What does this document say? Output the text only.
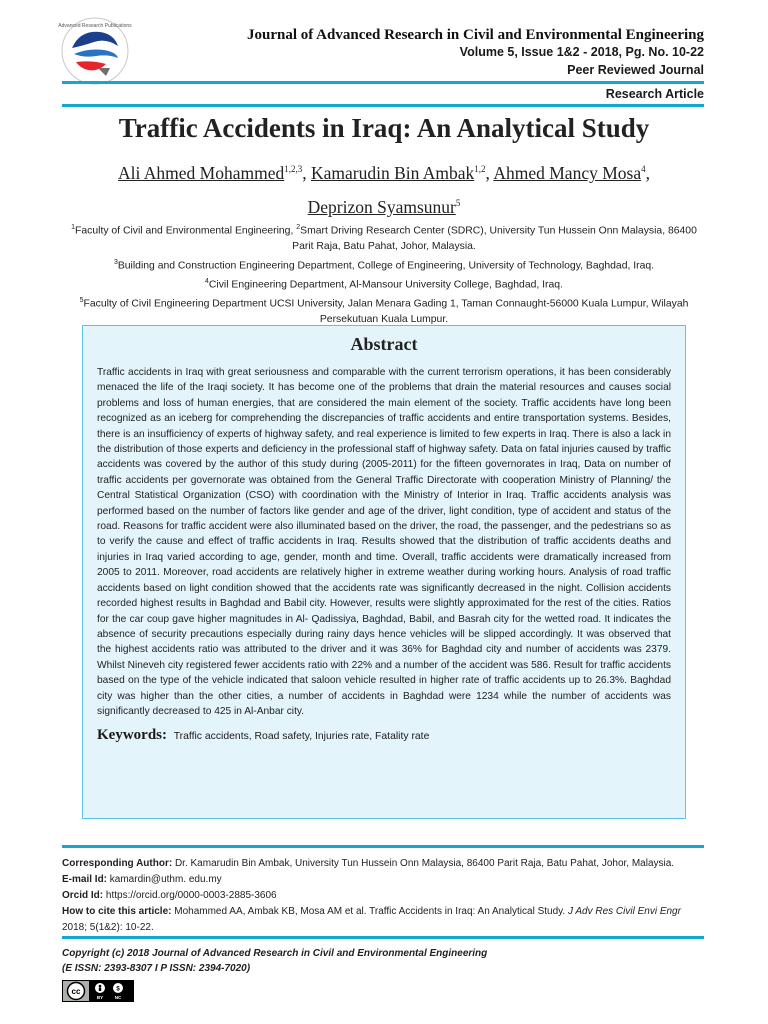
Advanced Research Publications
Journal of Advanced Research in Civil and Environmental Engineering
Volume 5, Issue 1&2 - 2018, Pg. No. 10-22
Peer Reviewed Journal
Research Article
Traffic Accidents in Iraq: An Analytical Study
Ali Ahmed Mohammed$^{1,2,3}$, Kamarudin Bin Ambak$^{1,2}$, Ahmed Mancy Mosa$^4$, Deprizon Syamsunur$^5$
$^1$Faculty of Civil and Environmental Engineering, $^2$Smart Driving Research Center (SDRC), University Tun Hussein Onn Malaysia, 86400 Parit Raja, Batu Pahat, Johor, Malaysia.
$^3$Building and Construction Engineering Department, College of Engineering, University of Technology, Baghdad, Iraq.
$^4$Civil Engineering Department, Al-Mansour University College, Baghdad, Iraq.
$^5$Faculty of Civil Engineering Department UCSI University, Jalan Menara Gading 1, Taman Connaught-56000 Kuala Lumpur, Wilayah Persekutuan Kuala Lumpur.
Abstract

Traffic accidents in Iraq with great seriousness and comparable with the current terrorism operations, it has been considerably menaced the life of the Iraqi society. It has become one of the problems that drain the material resources and causes social problems and loss of human energies, that are considered the main element of the society. Traffic accidents have long been recognized as an iceberg for comprehending the discrepancies of traffic accidents and entire transportation systems. Besides, there is an insufficiency of experts of highway safety, and real experience is limited to few experts in Iraq. There is also a lack in the distribution of those experts and deficiency in the professional staff of highway safety. Data on fatal injuries caused by traffic accidents was covered by the author of this study during (2005-2011) for the fifteen governorates in Iraq, Data on number of traffic accidents per governorate was obtained from the General Traffic Directorate with cooperation Ministry of Planning/ the Central Statistical Organization (CSO) with coordination with the Ministry of Interior in Iraq. Traffic accidents analysis was performed based on the number of factors like gender and age of the driver, light condition, type of accident and status of the road. Reasons for traffic accident were also illuminated based on the driver, the road, the passenger, and the pedestrians so as to verify the cause and effect of traffic accidents in Iraq. Results showed that the distribution of traffic accidents deaths and injuries in Iraq varied according to age, gender, month and time. Overall, traffic accidents were dramatically increased from 2005 to 2011. Moreover, road accidents are relatively higher in extreme weather during working hours. Analysis of road traffic accidents based on light condition showed that the accidents rate was significantly decreased in the night. Collision accidents recorded highest results in Baghdad and Babil city. However, results were slightly approximated for the rest of the cities. Ratios for the car coup gave higher magnitudes in Al- Qadissiya, Baghdad, Babil, and Basrah city for the wetted road. It indicates the absence of security precautions especially during rainy days hence vehicles will be slipped accordingly. It was observed that the highest accidents ratio was attributed to the driver and it was 36% for Baghdad city and number of accidents was 2379. Whilst Nineveh city registered fewer accidents ratio with 22% and a number of the accident was 586. Result for traffic accidents based on the type of the vehicle indicated that saloon vehicle resulted in higher rate of traffic accidents up to 26.3%. Baghdad city was higher than the other cities, a number of accidents in Baghdad were 1234 while the number of accidents was significantly decreased to 425 in Al-Anbar city.

Keywords: Traffic accidents, Road safety, Injuries rate, Fatality rate
Corresponding Author: Dr. Kamarudin Bin Ambak, University Tun Hussein Onn Malaysia, 86400 Parit Raja, Batu Pahat, Johor, Malaysia.
E-mail Id: kamardin@uthm. edu.my
Orcid Id: https://orcid.org/0000-0003-2885-3606
How to cite this article: Mohammed AA, Ambak KB, Mosa AM et al. Traffic Accidents in Iraq: An Analytical Study. J Adv Res Civil Envi Engr 2018; 5(1&2): 10-22.
Copyright (c) 2018 Journal of Advanced Research in Civil and Environmental Engineering
(E ISSN: 2393-8307 I P ISSN: 2394-7020)
cc	$
BY	NC
